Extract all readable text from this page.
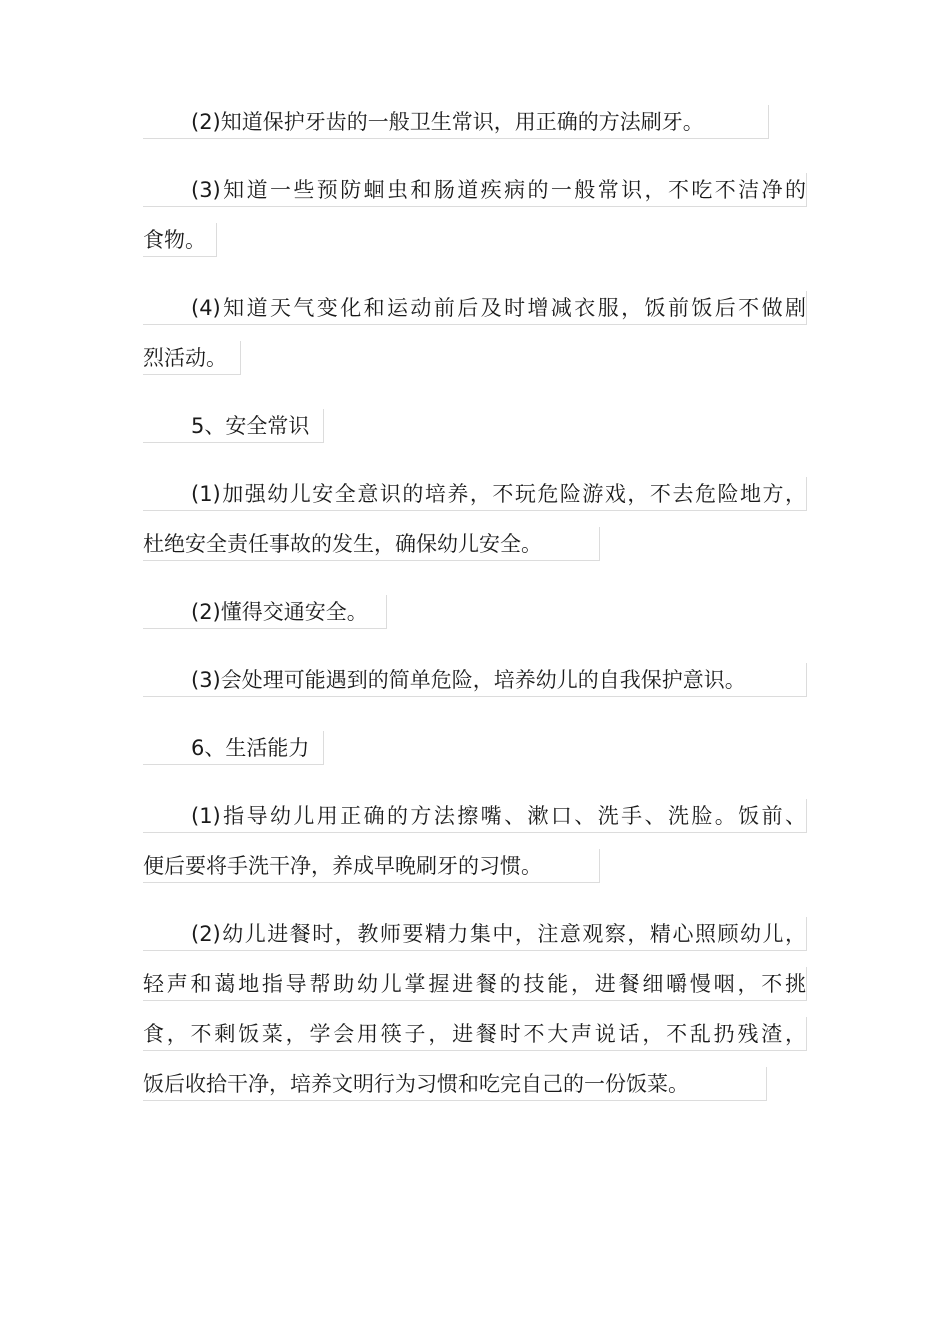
(2)知道保护牙齿的一般卫生常识，用正确的方法刷牙。
(3)知道一些预防蛔虫和肠道疾病的一般常识，不吃不洁净的
食物。
(4)知道天气变化和运动前后及时增减衣服，饭前饭后不做剧
烈活动。
5、安全常识
(1)加强幼儿安全意识的培养，不玩危险游戏，不去危险地方，
杜绝安全责任事故的发生，确保幼儿安全。
(2)懂得交通安全。
(3)会处理可能遇到的简单危险，培养幼儿的自我保护意识。
6、生活能力
(1)指导幼儿用正确的方法擦嘴、漱口、洗手、洗脸。饭前、
便后要将手洗干净，养成早晚刷牙的习惯。
(2)幼儿进餐时，教师要精力集中，注意观察，精心照顾幼儿，
轻声和蔼地指导帮助幼儿掌握进餐的技能，进餐细嚼慢咽，不挑
食，不剩饭菜，学会用筷子，进餐时不大声说话，不乱扔残渣，
饭后收拾干净，培养文明行为习惯和吃完自己的一份饭菜。
